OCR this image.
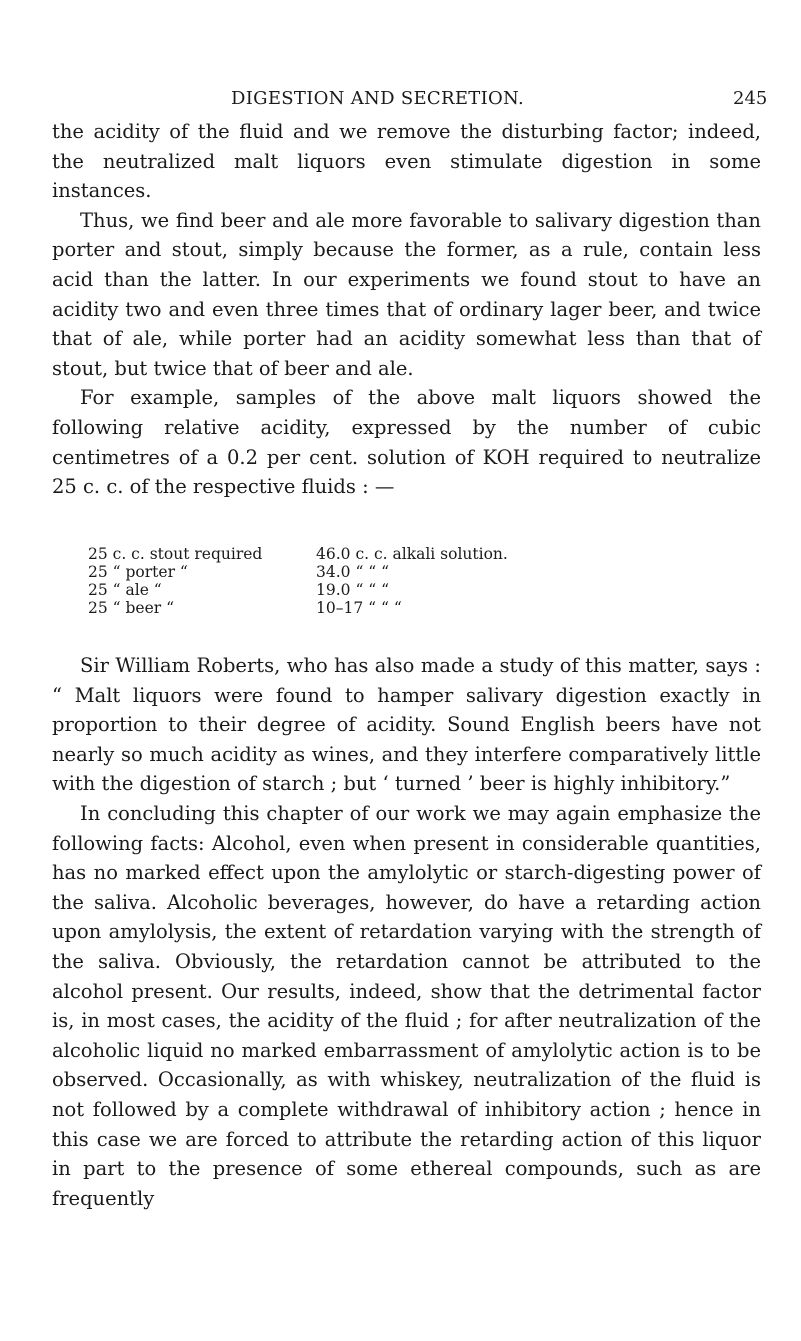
DIGESTION AND SECRETION.	245

the acidity of the fluid and we remove the disturbing factor; indeed, the neutralized malt liquors even stimulate digestion in some instances.

Thus, we find beer and ale more favorable to salivary digestion than porter and stout, simply because the former, as a rule, contain less acid than the latter. In our experiments we found stout to have an acidity two and even three times that of ordinary lager beer, and twice that of ale, while porter had an acidity somewhat less than that of stout, but twice that of beer and ale.

For example, samples of the above malt liquors showed the following relative acidity, expressed by the number of cubic centimetres of a 0.2 per cent. solution of KOH required to neutralize 25 c. c. of the respective fluids : —

25 c. c. stout required	46.0 c. c. alkali solution.
25 “ porter “	34.0 “ “ “
25 “ ale “	19.0 “ “ “
25 “ beer “	10–17 “ “ “

Sir William Roberts, who has also made a study of this matter, says : “ Malt liquors were found to hamper salivary digestion exactly in proportion to their degree of acidity. Sound English beers have not nearly so much acidity as wines, and they interfere comparatively little with the digestion of starch ; but ‘ turned ’ beer is highly inhibitory.”

In concluding this chapter of our work we may again emphasize the following facts: Alcohol, even when present in considerable quantities, has no marked effect upon the amylolytic or starch-digesting power of the saliva. Alcoholic beverages, however, do have a retarding action upon amylolysis, the extent of retardation varying with the strength of the saliva. Obviously, the retardation cannot be attributed to the alcohol present. Our results, indeed, show that the detrimental factor is, in most cases, the acidity of the fluid ; for after neutralization of the alcoholic liquid no marked embarrassment of amylolytic action is to be observed. Occasionally, as with whiskey, neutralization of the fluid is not followed by a complete withdrawal of inhibitory action ; hence in this case we are forced to attribute the retarding action of this liquor in part to the presence of some ethereal compounds, such as are frequently
